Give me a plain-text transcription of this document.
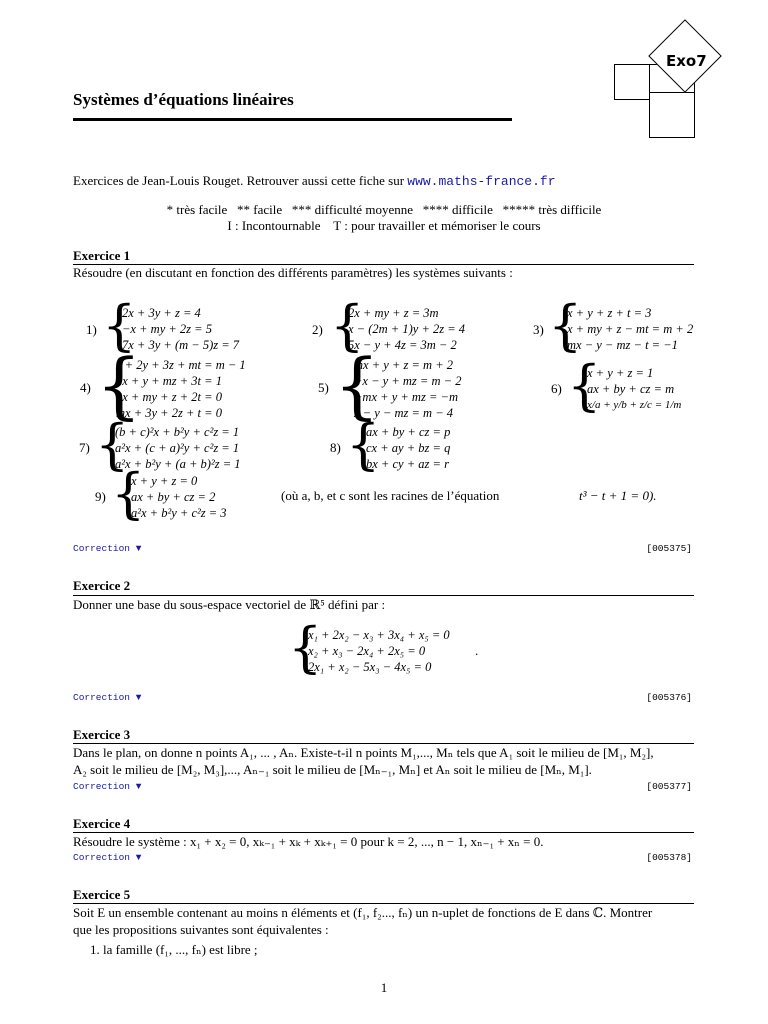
Exo7
Systèmes d’équations linéaires
Exercices de Jean-Louis Rouget. Retrouver aussi cette fiche sur www.maths-france.fr
* très facile   ** facile   *** difficulté moyenne   **** difficile   ***** très difficile
I : Incontournable    T : pour travailler et mémoriser le cours
Exercice 1
Résoudre (en discutant en fonction des différents paramètres) les systèmes suivants :
1) {
2x + 3y + z = 4
−x + my + 2z = 5
7x + 3y + (m − 5)z = 7
2) {
2x + my + z = 3m
x − (2m + 1)y + 2z = 4
5x − y + 4z = 3m − 2
3) {
x + y + z + t = 3
x + my + z − mt = m + 2
mx − y − mz − t = −1
4) {
x + 2y + 3z + mt = m − 1
2x + y + mz + 3t = 1
3x + my + z + 2t = 0
mx + 3y + 2z + t = 0
5) {
mx + y + z = m + 2
−x − y + mz = m − 2
−mx + y + mz = −m
x − y − mz = m − 4
6) {
x + y + z = 1
ax + by + cz = m
x/a + y/b + z/c = 1/m
7) {
(b + c)²x + b²y + c²z = 1
a²x + (c + a)²y + c²z = 1
a²x + b²y + (a + b)²z = 1
8) {
ax + by + cz = p
cx + ay + bz = q
bx + cy + az = r
9) {
x + y + z = 0
ax + by + cz = 2
a²x + b²y + c²z = 3
(où a, b, et c sont les racines de l’équation	t³ − t + 1 = 0).
Correction ▼	[005375]
Exercice 2
Donner une base du sous-espace vectoriel de ℝ⁵ défini par :
{
x₁ + 2x₂ − x₃ + 3x₄ + x₅ = 0
x₂ + x₃ − 2x₄ + 2x₅ = 0
2x₁ + x₂ − 5x₃ − 4x₅ = 0
.
Correction ▼	[005376]
Exercice 3
Dans le plan, on donne n points A₁, ... , Aₙ. Existe-t-il n points M₁,..., Mₙ tels que A₁ soit le milieu de [M₁, M₂],
A₂ soit le milieu de [M₂, M₃],..., Aₙ₋₁ soit le milieu de [Mₙ₋₁, Mₙ] et Aₙ soit le milieu de [Mₙ, M₁].
Correction ▼	[005377]
Exercice 4
Résoudre le système : x₁ + x₂ = 0, xₖ₋₁ + xₖ + xₖ₊₁ = 0 pour k = 2, ..., n − 1, xₙ₋₁ + xₙ = 0.
Correction ▼	[005378]
Exercice 5
Soit E un ensemble contenant au moins n éléments et (f₁, f₂..., fₙ) un n-uplet de fonctions de E dans ℂ. Montrer
que les propositions suivantes sont équivalentes :
1. la famille (f₁, ..., fₙ) est libre ;
1
